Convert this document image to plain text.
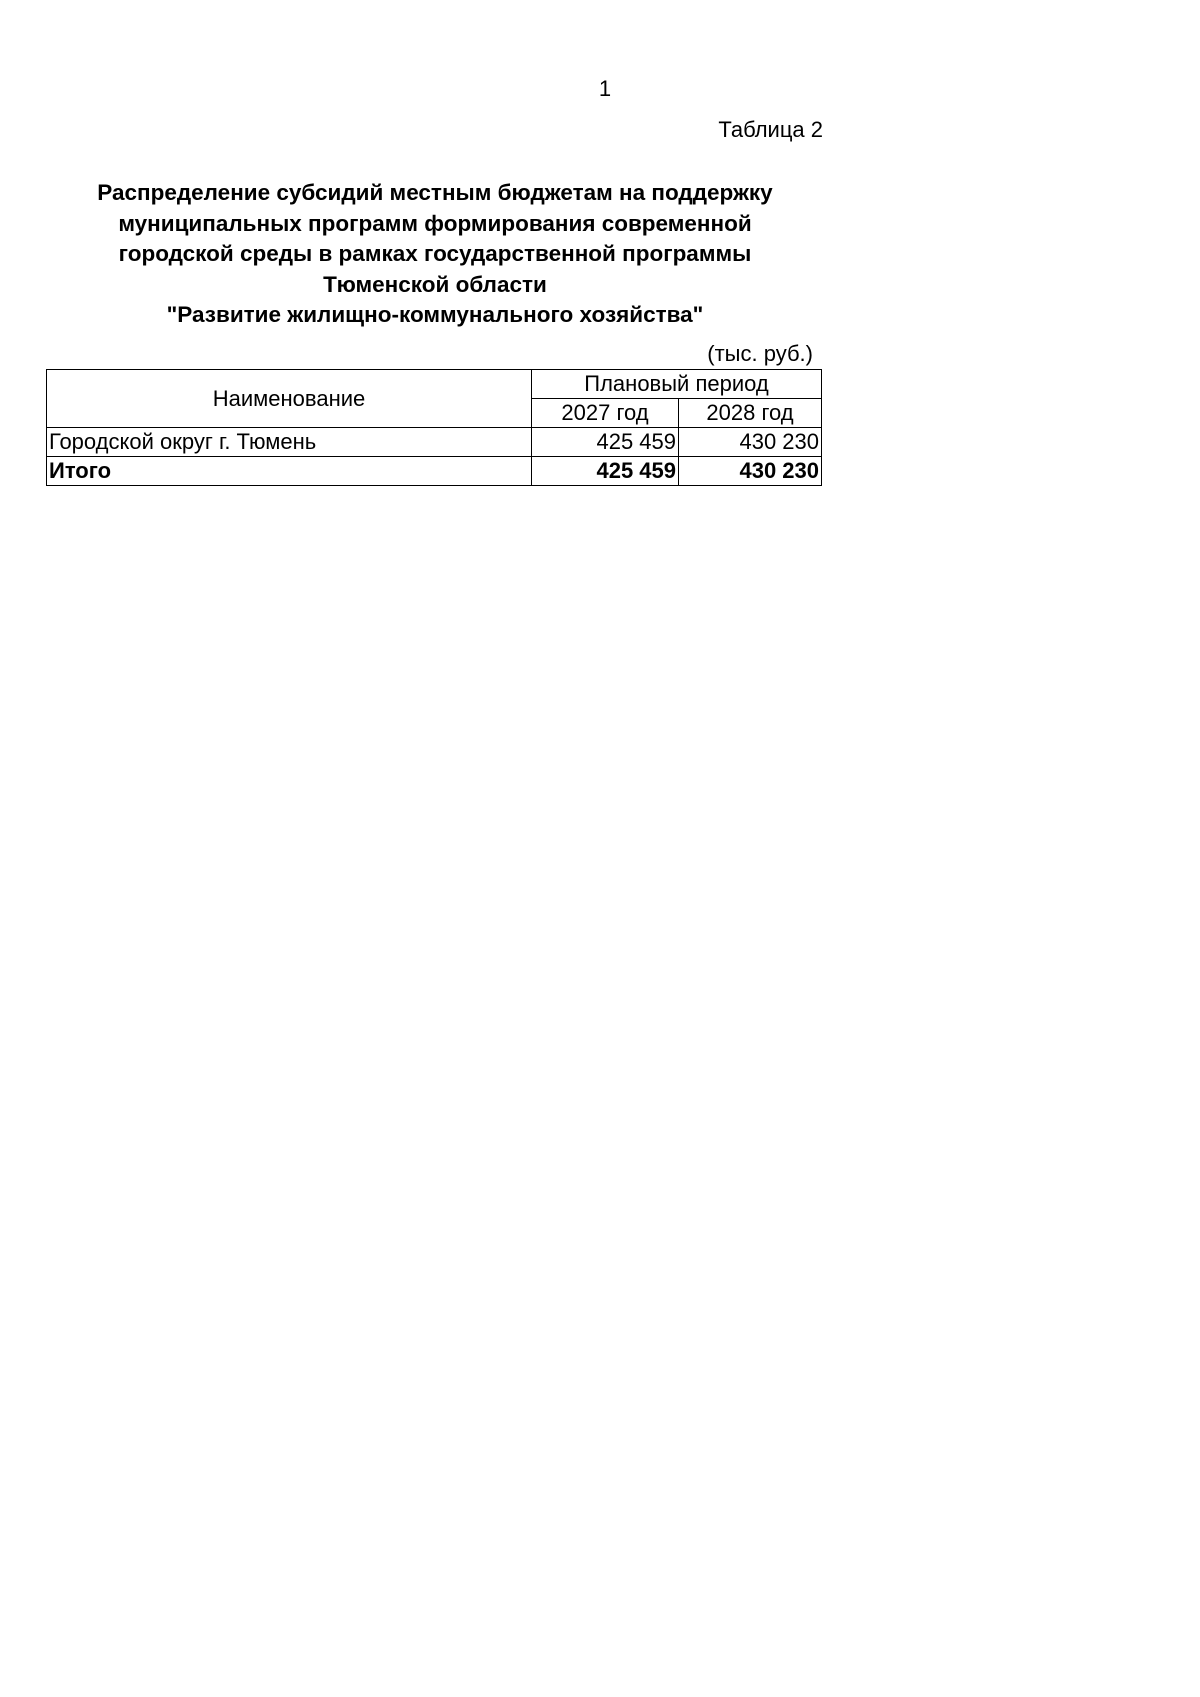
1
Таблица 2
Распределение субсидий местным бюджетам на поддержку
муниципальных программ формирования современной
городской среды в рамках государственной программы
Тюменской области
"Развитие жилищно-коммунального хозяйства"
(тыс. руб.)
Наименование	Плановый период	
	2027 год	2028 год
Городской округ г. Тюмень	425 459	430 230
Итого	425 459	430 230
